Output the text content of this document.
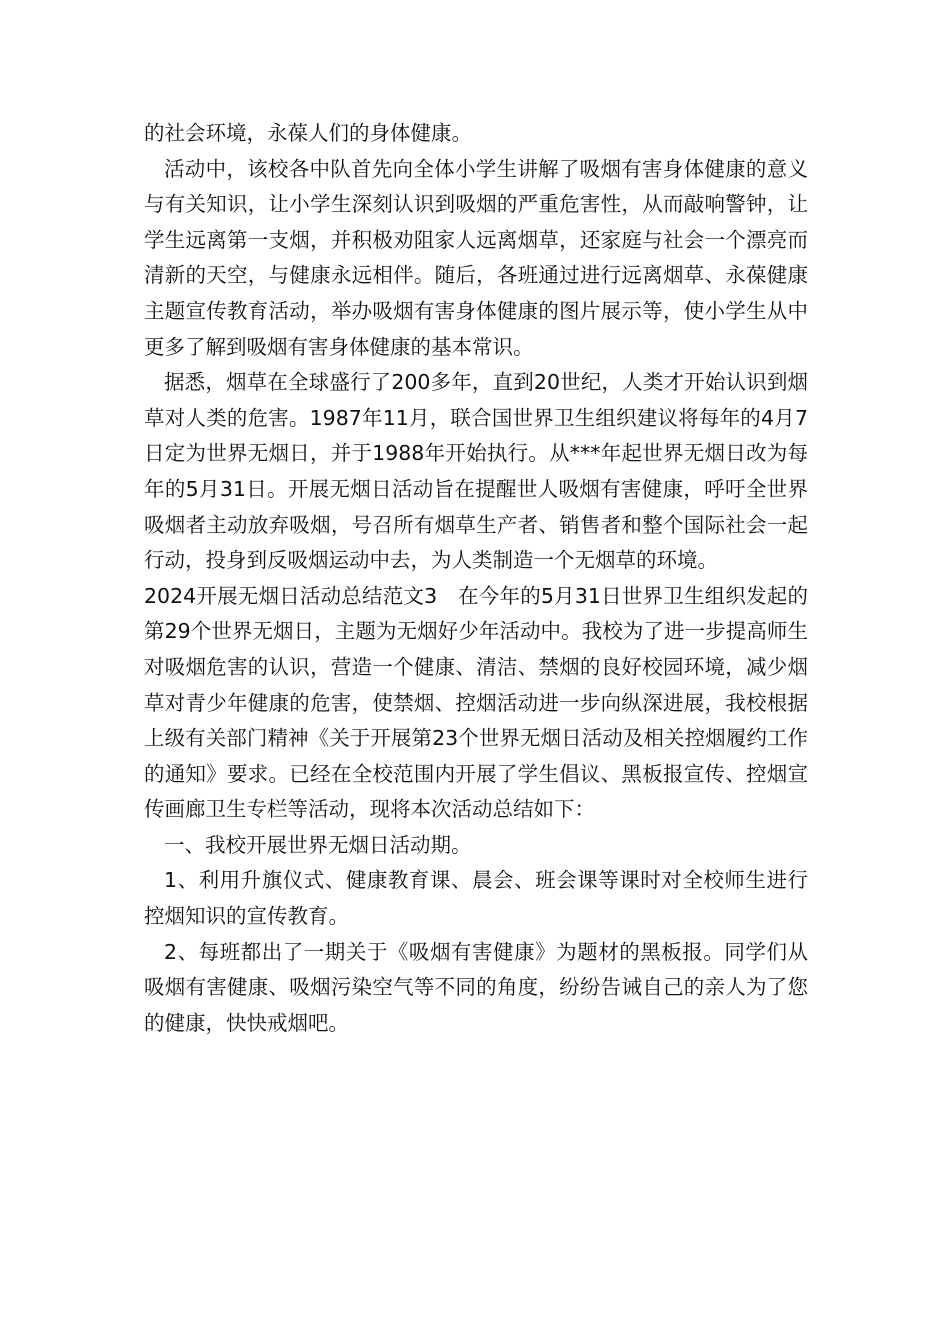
的社会环境，永葆人们的身体健康。

活动中，该校各中队首先向全体小学生讲解了吸烟有害身体健康的意义与有关知识，让小学生深刻认识到吸烟的严重危害性，从而敲响警钟，让学生远离第一支烟，并积极劝阻家人远离烟草，还家庭与社会一个漂亮而清新的天空，与健康永远相伴。随后，各班通过进行远离烟草、永葆健康主题宣传教育活动，举办吸烟有害身体健康的图片展示等，使小学生从中更多了解到吸烟有害身体健康的基本常识。

据悉，烟草在全球盛行了200多年，直到20世纪，人类才开始认识到烟草对人类的危害。1987年11月，联合国世界卫生组织建议将每年的4月7日定为世界无烟日，并于1988年开始执行。从***年起世界无烟日改为每年的5月31日。开展无烟日活动旨在提醒世人吸烟有害健康，呼吁全世界吸烟者主动放弃吸烟，号召所有烟草生产者、销售者和整个国际社会一起行动，投身到反吸烟运动中去，为人类制造一个无烟草的环境。

2024开展无烟日活动总结范文3　在今年的5月31日世界卫生组织发起的第29个世界无烟日，主题为无烟好少年活动中。我校为了进一步提高师生对吸烟危害的认识，营造一个健康、清洁、禁烟的良好校园环境，减少烟草对青少年健康的危害，使禁烟、控烟活动进一步向纵深进展，我校根据上级有关部门精神《关于开展第23个世界无烟日活动及相关控烟履约工作的通知》要求。已经在全校范围内开展了学生倡议、黑板报宣传、控烟宣传画廊卫生专栏等活动，现将本次活动总结如下：

一、我校开展世界无烟日活动期。

1、利用升旗仪式、健康教育课、晨会、班会课等课时对全校师生进行控烟知识的宣传教育。

2、每班都出了一期关于《吸烟有害健康》为题材的黑板报。同学们从吸烟有害健康、吸烟污染空气等不同的角度，纷纷告诫自己的亲人为了您的健康，快快戒烟吧。
